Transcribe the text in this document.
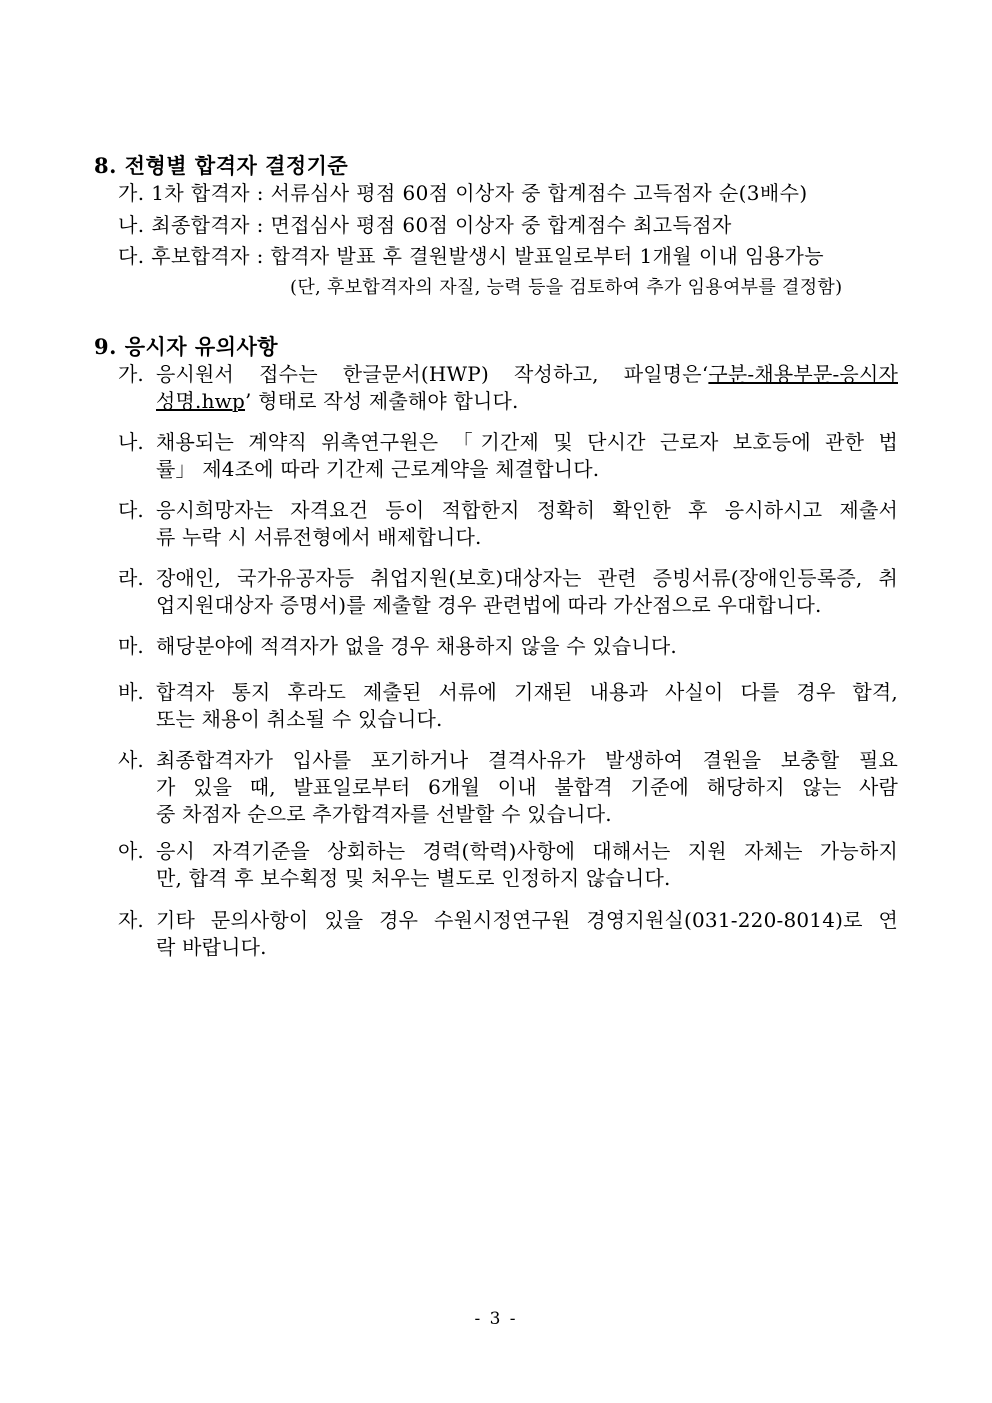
8. 전형별 합격자 결정기준
가. 1차 합격자 : 서류심사 평점 60점 이상자 중 합계점수 고득점자 순(3배수)
나. 최종합격자 : 면접심사 평점 60점 이상자 중 합계점수 최고득점자
다. 후보합격자 : 합격자 발표 후 결원발생시 발표일로부터 1개월 이내 임용가능
(단, 후보합격자의 자질, 능력 등을 검토하여 추가 임용여부를 결정함)
9. 응시자 유의사항
가. 응시원서 접수는 한글문서(HWP) 작성하고, 파일명은‘구분-채용부문-응시자
성명.hwp’ 형태로 작성 제출해야 합니다.
나. 채용되는 계약직 위촉연구원은 「기간제 및 단시간 근로자 보호등에 관한 법
률」 제4조에 따라 기간제 근로계약을 체결합니다.
다. 응시희망자는 자격요건 등이 적합한지 정확히 확인한 후 응시하시고 제출서
류 누락 시 서류전형에서 배제합니다.
라. 장애인, 국가유공자등 취업지원(보호)대상자는 관련 증빙서류(장애인등록증, 취
업지원대상자 증명서)를 제출할 경우 관련법에 따라 가산점으로 우대합니다.
마. 해당분야에 적격자가 없을 경우 채용하지 않을 수 있습니다.
바. 합격자 통지 후라도 제출된 서류에 기재된 내용과 사실이 다를 경우 합격,
또는 채용이 취소될 수 있습니다.
사. 최종합격자가 입사를 포기하거나 결격사유가 발생하여 결원을 보충할 필요
가 있을 때, 발표일로부터 6개월 이내 불합격 기준에 해당하지 않는 사람
중 차점자 순으로 추가합격자를 선발할 수 있습니다.
아. 응시 자격기준을 상회하는 경력(학력)사항에 대해서는 지원 자체는 가능하지
만, 합격 후 보수획정 및 처우는 별도로 인정하지 않습니다.
자. 기타 문의사항이 있을 경우 수원시정연구원 경영지원실(031-220-8014)로 연
락 바랍니다.
- 3 -
